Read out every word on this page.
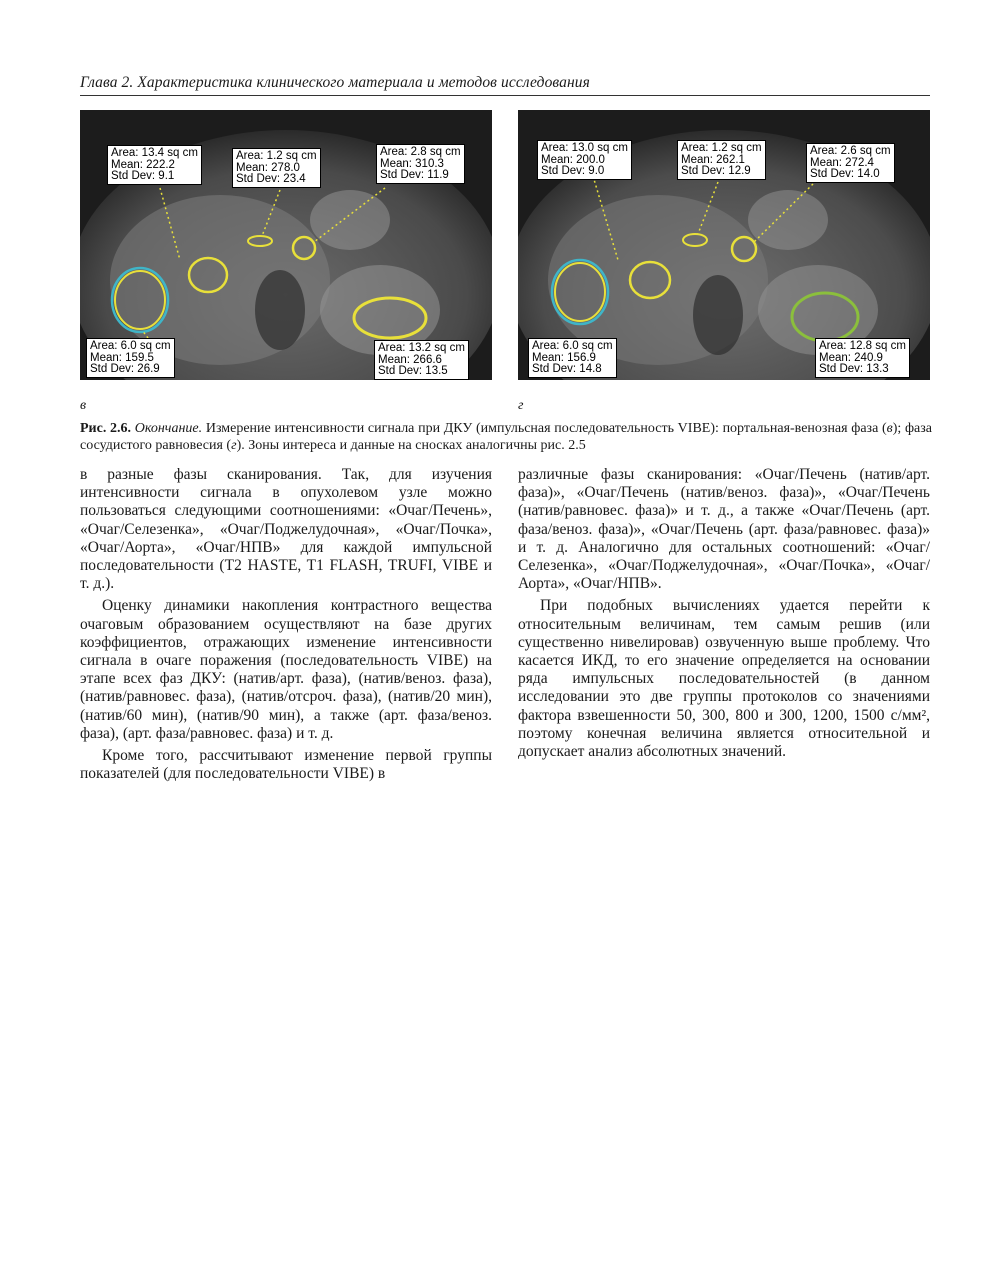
Глава 2. Характеристика клинического материала и методов исследования
Area: 13.4 sq cm
Mean: 222.2
Std Dev: 9.1
Area: 1.2 sq cm
Mean: 278.0
Std Dev: 23.4
Area: 2.8 sq cm
Mean: 310.3
Std Dev: 11.9
Area: 6.0 sq cm
Mean: 159.5
Std Dev: 26.9
Area: 13.2 sq cm
Mean: 266.6
Std Dev: 13.5
Area: 13.0 sq cm
Mean: 200.0
Std Dev: 9.0
Area: 1.2 sq cm
Mean: 262.1
Std Dev: 12.9
Area: 2.6 sq cm
Mean: 272.4
Std Dev: 14.0
Area: 6.0 sq cm
Mean: 156.9
Std Dev: 14.8
Area: 12.8 sq cm
Mean: 240.9
Std Dev: 13.3
в	г
Рис. 2.6. Окончание. Измерение интенсивности сигнала при ДКУ (импульсная последовательность VIBE): портальная-венозная фаза (в); фаза сосудистого равновесия (г). Зоны интереса и данные на сносках аналогичны рис. 2.5

в разные фазы сканирования. Так, для изучения интенсивности сигнала в опухолевом узле можно пользоваться следующими соотношениями: «Очаг/Печень», «Очаг/Селезенка», «Очаг/Поджелудочная», «Очаг/Почка», «Очаг/Аорта», «Очаг/НПВ» для каждой импульсной последовательности (T2 HASTE, T1 FLASH, TRUFI, VIBE и т. д.).

Оценку динамики накопления контрастного вещества очаговым образованием осуществляют на базе других коэффициентов, отражающих изменение интенсивности сигнала в очаге поражения (последовательность VIBE) на этапе всех фаз ДКУ: (натив/арт. фаза), (натив/веноз. фаза), (натив/равновес. фаза), (натив/отсроч. фаза), (натив/20 мин), (натив/60 мин), (натив/90 мин), а также (арт. фаза/веноз. фаза), (арт. фаза/равновес. фаза) и т. д.

Кроме того, рассчитывают изменение первой группы показателей (для последовательности VIBE) в

различные фазы сканирования: «Очаг/Печень (натив/арт. фаза)», «Очаг/Печень (натив/веноз. фаза)», «Очаг/Печень (натив/равновес. фаза)» и т. д., а также «Очаг/Печень (арт. фаза/веноз. фаза)», «Очаг/Печень (арт. фаза/равновес. фаза)» и т. д. Аналогично для остальных соотношений: «Очаг/Селезенка», «Очаг/Поджелудочная», «Очаг/Почка», «Очаг/Аорта», «Очаг/НПВ».

При подобных вычислениях удается перейти к относительным величинам, тем самым решив (или существенно нивелировав) озвученную выше проблему. Что касается ИКД, то его значение определяется на основании ряда импульсных последовательностей (в данном исследовании это две группы протоколов со значениями фактора взвешенности 50, 300, 800 и 300, 1200, 1500 с/мм², поэтому конечная величина является относительной и допускает анализ абсолютных значений.
